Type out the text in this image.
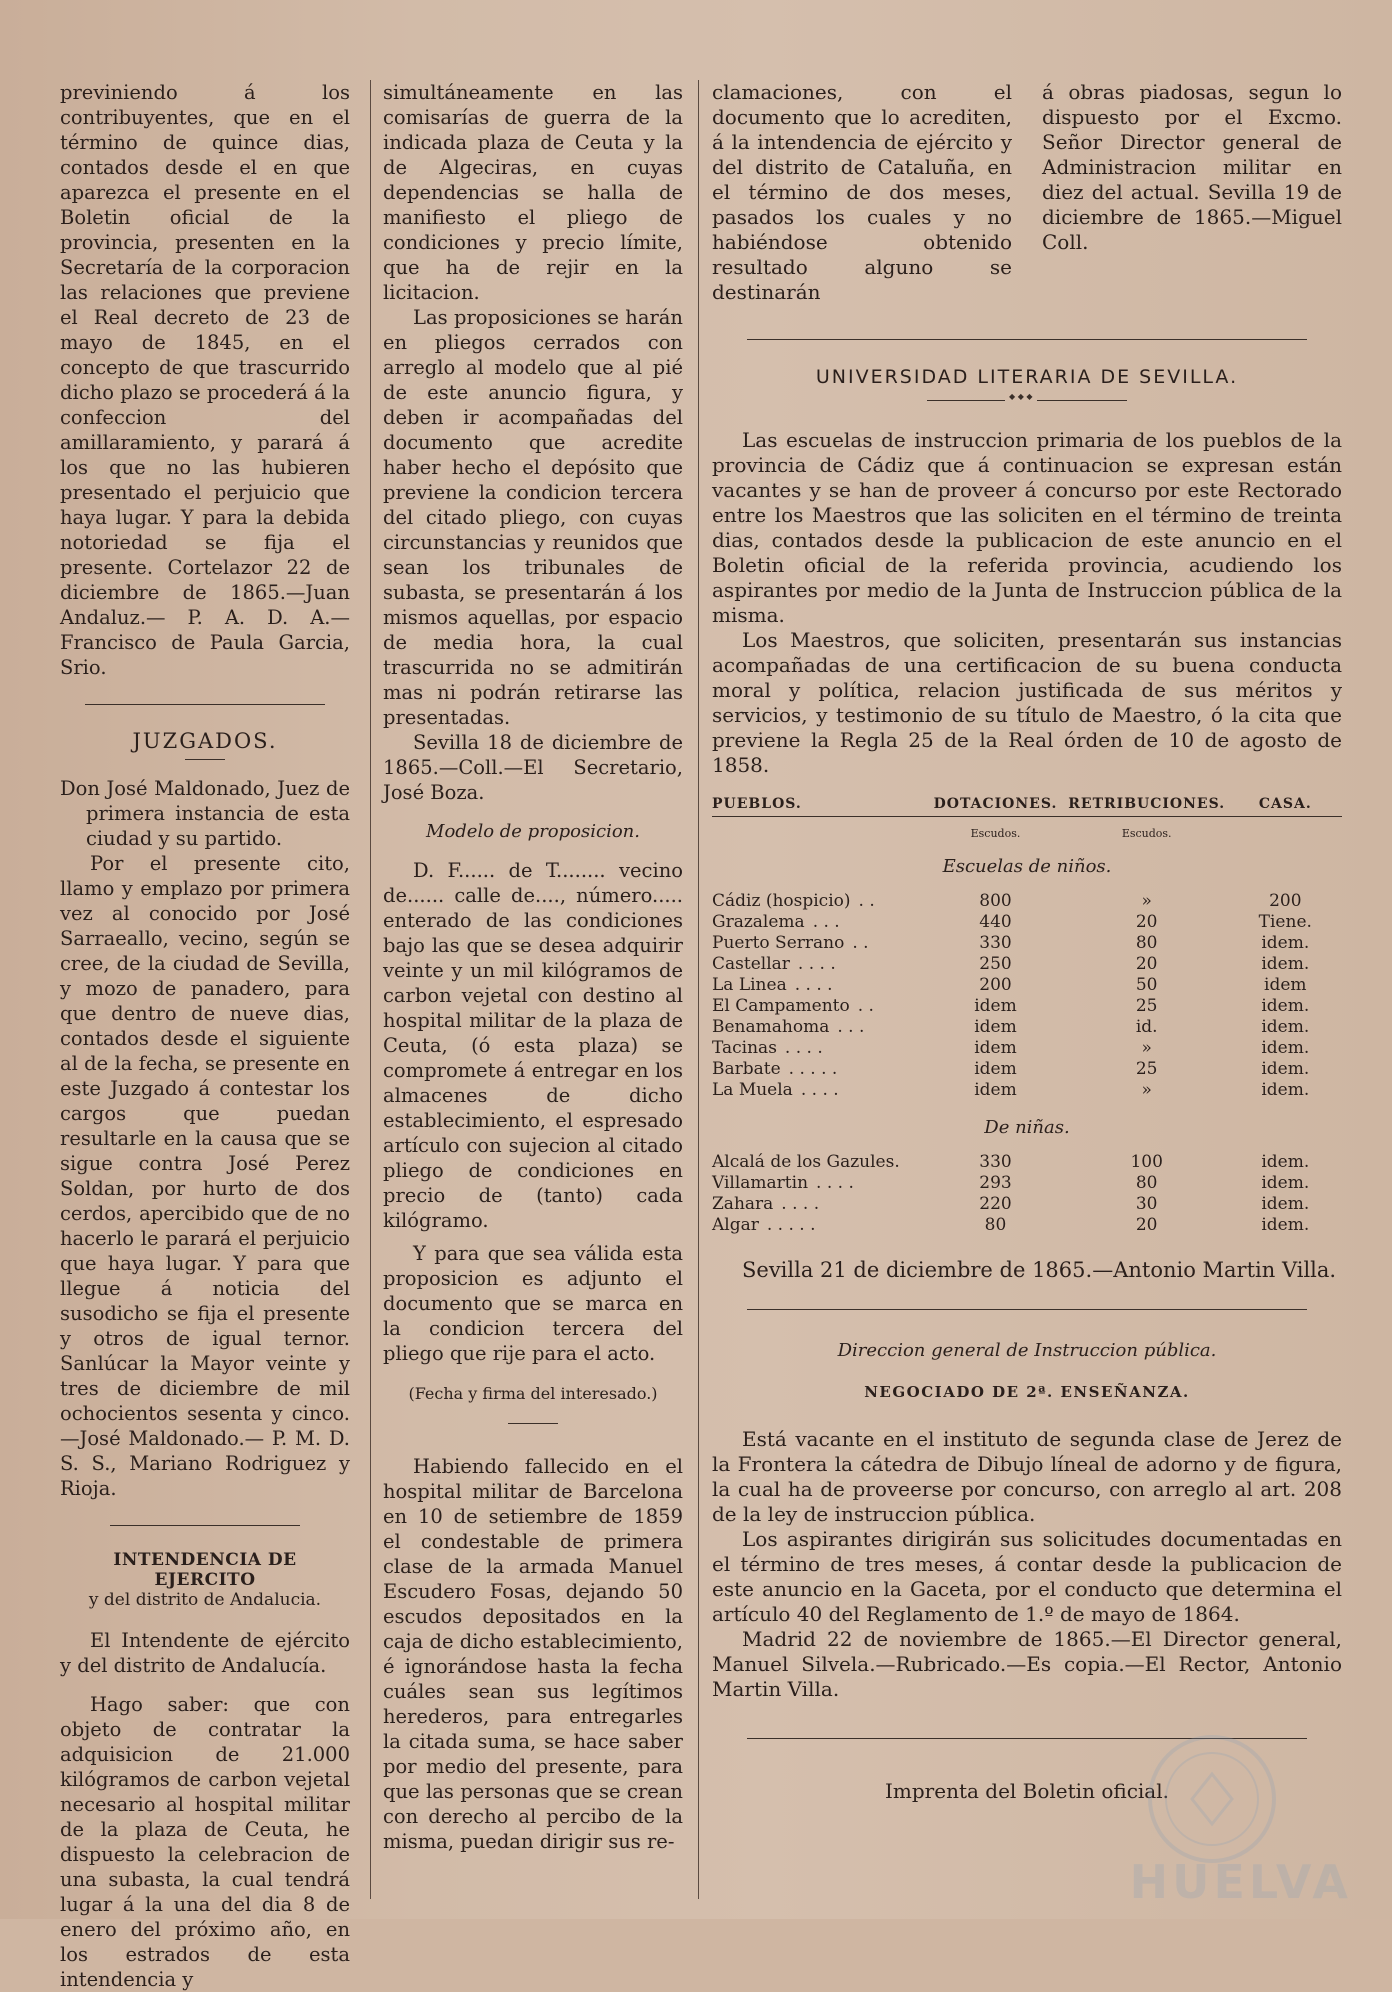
previniendo á los contribuyentes, que en el término de quince dias, contados desde el en que aparezca el presente en el Boletin oficial de la provincia, presenten en la Secretaría de la corporacion las relaciones que previene el Real decreto de 23 de mayo de 1845, en el concepto de que trascurrido dicho plazo se procederá á la confeccion del amillaramiento, y parará á los que no las hubieren presentado el perjuicio que haya lugar. Y para la debida notoriedad se fija el presente. Cortelazor 22 de diciembre de 1865.—Juan Andaluz.— P. A. D. A.—Francisco de Paula Garcia, Srio.

JUZGADOS.

Don José Maldonado, Juez de primera instancia de esta ciudad y su partido.

Por el presente cito, llamo y emplazo por primera vez al conocido por José Sarraeallo, vecino, según se cree, de la ciudad de Sevilla, y mozo de panadero, para que dentro de nueve dias, contados desde el siguiente al de la fecha, se presente en este Juzgado á contestar los cargos que puedan resultarle en la causa que se sigue contra José Perez Soldan, por hurto de dos cerdos, apercibido que de no hacerlo le parará el perjuicio que haya lugar. Y para que llegue á noticia del susodicho se fija el presente y otros de igual ternor. Sanlúcar la Mayor veinte y tres de diciembre de mil ochocientos sesenta y cinco.—José Maldonado.— P. M. D. S. S., Mariano Rodriguez y Rioja.

INTENDENCIA DE EJERCITO
y del distrito de Andalucia.

El Intendente de ejército y del distrito de Andalucía.

Hago saber: que con objeto de contratar la adquisicion de 21.000 kilógramos de carbon vejetal necesario al hospital militar de la plaza de Ceuta, he dispuesto la celebracion de una subasta, la cual tendrá lugar á la una del dia 8 de enero del próximo año, en los estrados de esta intendencia y

simultáneamente en las comisarías de guerra de la indicada plaza de Ceuta y la de Algeciras, en cuyas dependencias se halla de manifiesto el pliego de condiciones y precio límite, que ha de rejir en la licitacion.

Las proposiciones se harán en pliegos cerrados con arreglo al modelo que al pié de este anuncio figura, y deben ir acompañadas del documento que acredite haber hecho el depósito que previene la condicion tercera del citado pliego, con cuyas circunstancias y reunidos que sean los tribunales de subasta, se presentarán á los mismos aquellas, por espacio de media hora, la cual trascurrida no se admitirán mas ni podrán retirarse las presentadas.

Sevilla 18 de diciembre de 1865.—Coll.—El Secretario, José Boza.

Modelo de proposicion.

D. F...... de T........ vecino de...... calle de...., número..... enterado de las condiciones bajo las que se desea adquirir veinte y un mil kilógramos de carbon vejetal con destino al hospital militar de la plaza de Ceuta, (ó esta plaza) se compromete á entregar en los almacenes de dicho establecimiento, el espresado artículo con sujecion al citado pliego de condiciones en precio de (tanto) cada kilógramo.

Y para que sea válida esta proposicion es adjunto el documento que se marca en la condicion tercera del pliego que rije para el acto.

(Fecha y firma del interesado.)

Habiendo fallecido en el hospital militar de Barcelona en 10 de setiembre de 1859 el condestable de primera clase de la armada Manuel Escudero Fosas, dejando 50 escudos depositados en la caja de dicho establecimiento, é ignorándose hasta la fecha cuáles sean sus legítimos herederos, para entregarles la citada suma, se hace saber por medio del presente, para que las personas que se crean con derecho al percibo de la misma, puedan dirigir sus re-

clamaciones, con el documento que lo acrediten, á la intendencia de ejército y del distrito de Cataluña, en el término de dos meses, pasados los cuales y no habiéndose obtenido resultado alguno se destinarán

á obras piadosas, segun lo dispuesto por el Excmo. Señor Director general de Administracion militar en diez del actual. Sevilla 19 de diciembre de 1865.—Miguel Coll.

UNIVERSIDAD LITERARIA DE SEVILLA.
◆ ◆ ◆

Las escuelas de instruccion primaria de los pueblos de la provincia de Cádiz que á continuacion se expresan están vacantes y se han de proveer á concurso por este Rectorado entre los Maestros que las soliciten en el término de treinta dias, contados desde la publicacion de este anuncio en el Boletin oficial de la referida provincia, acudiendo los aspirantes por medio de la Junta de Instruccion pública de la misma.

Los Maestros, que soliciten, presentarán sus instancias acompañadas de una certificacion de su buena conducta moral y política, relacion justificada de sus méritos y servicios, y testimonio de su título de Maestro, ó la cita que previene la Regla 25 de la Real órden de 10 de agosto de 1858.

PUEBLOS.	DOTACIONES.	RETRIBUCIONES.	CASA.
	Escudos.	Escudos.	
Escuelas de niños.			
Cádiz (hospicio) . .	800	»	200
Grazalema . . .	440	20	Tiene.
Puerto Serrano . .	330	80	idem.
Castellar . . . .	250	20	idem.
La Linea . . . .	200	50	idem
El Campamento . .	idem	25	idem.
Benamahoma . . .	idem	id.	idem.
Tacinas . . . .	idem	»	idem.
Barbate . . . . .	idem	25	idem.
La Muela . . . .	idem	»	idem.
De niñas.			
Alcalá de los Gazules.	330	100	idem.
Villamartin . . . .	293	80	idem.
Zahara . . . .	220	30	idem.
Algar . . . . .	80	20	idem.

Sevilla 21 de diciembre de 1865.—Antonio Martin Villa.

Direccion general de Instruccion pública.
NEGOCIADO DE 2ª. ENSEÑANZA.

Está vacante en el instituto de segunda clase de Jerez de la Frontera la cátedra de Dibujo líneal de adorno y de figura, la cual ha de proveerse por concurso, con arreglo al art. 208 de la ley de instruccion pública.

Los aspirantes dirigirán sus solicitudes documentadas en el término de tres meses, á contar desde la publicacion de este anuncio en la Gaceta, por el conducto que determina el artículo 40 del Reglamento de 1.º de mayo de 1864.

Madrid 22 de noviembre de 1865.—El Director general, Manuel Silvela.—Rubricado.—Es copia.—El Rector, Antonio Martin Villa.

Imprenta del Boletin oficial.
HUELVA
